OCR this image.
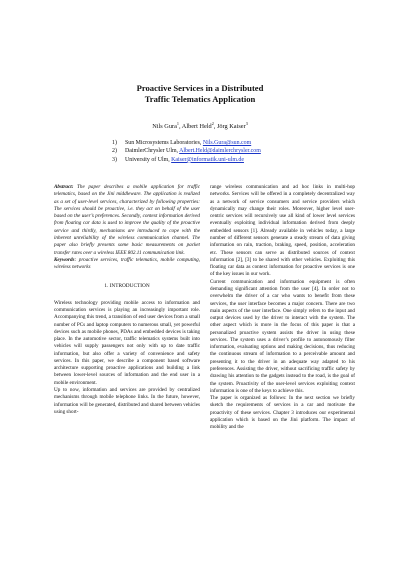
Proactive Services in a Distributed
Traffic Telematics Application
Nils Gura$^1$, Albert Held$^2$, Jörg Kaiser$^3$
1)	Sun Microsystems Laboratories, Nils.Gura@sun.com
2)	DaimlerChrysler Ulm, Albert.Held@daimlerchrysler.com
3)	University of Ulm, Kaiser@informatik.uni-ulm.de

Abstract: The paper describes a mobile application for traffic telematics, based on the Jini middleware. The application is realized as a set of user-level services, characterized by following properties: The services should be proactive, i.e. they act on behalf of the user based on the user’s preferences. Secondly, context information derived from floating car data is used to improve the quality of the proactive service and thirdly, mechanisms are introduced to cope with the inherent unreliability of the wireless communication channel. The paper also briefly presents some basic measurements on packet transfer rates over a wireless IEEE 802.11 communication link.

Keywords: proactive services, traffic telematics, mobile computing, wireless networks

1. INTRODUCTION

Wireless technology providing mobile access to information and communication services is playing an increasingly important role. Accompanying this trend, a transition of end user devices from a small number of PCs and laptop computers to numerous small, yet powerful devices such as mobile phones, PDAs and embedded devices is taking place. In the automotive sector, traffic telematics systems built into vehicles will supply passengers not only with up to date traffic information, but also offer a variety of convenience and safety services. In this paper, we describe a component based software architecture supporting proactive applications and building a link between lower-level sources of information and the end user in a mobile environment.

Up to now, information and services are provided by centralized mechanisms through mobile telephone links. In the future, however, information will be generated, distributed and shared between vehicles using short-

range wireless communication and ad hoc links in multi-hop networks. Services will be offered in a completely decentralized way as a network of service consumers and service providers which dynamically may change their roles. Moreover, higher level user-centric services will recursively use all kind of lower level services eventually exploiting individual information derived from deeply embedded sensors [1]. Already available in vehicles today, a large number of different sensors generate a steady stream of data giving information on rain, traction, braking, speed, position, acceleration etc. These sensors can serve as distributed sources of context information [2], [3] to be shared with other vehicles. Exploiting this floating car data as context information for proactive services is one of the key issues in our work.

Current communication and information equipment is often demanding significant attention from the user [4]. In order not to overwhelm the driver of a car who wants to benefit from these services, the user interface becomes a major concern. There are two main aspects of the user interface. One simply refers to the input and output devices used by the driver to interact with the system. The other aspect which is more in the focus of this paper is that a personalized proactive system assists the driver in using these services. The system uses a driver’s profile to autonomously filter information, evaluating options and making decisions, thus reducing the continuous stream of information to a perceivable amount and presenting it to the driver in an adequate way adapted to his preferences. Assisting the driver, without sacrificing traffic safety by drawing his attention to the gadgets instead to the road, is the goal of the system. Proactivity of the user-level services exploiting context information is one of the keys to achieve this.

The paper is organized as follows: In the next section we briefly sketch the requirements of services in a car and motivate the proactivity of these services. Chapter 3 introduces our experimental application which is based on the Jini platform. The impact of mobility and the
